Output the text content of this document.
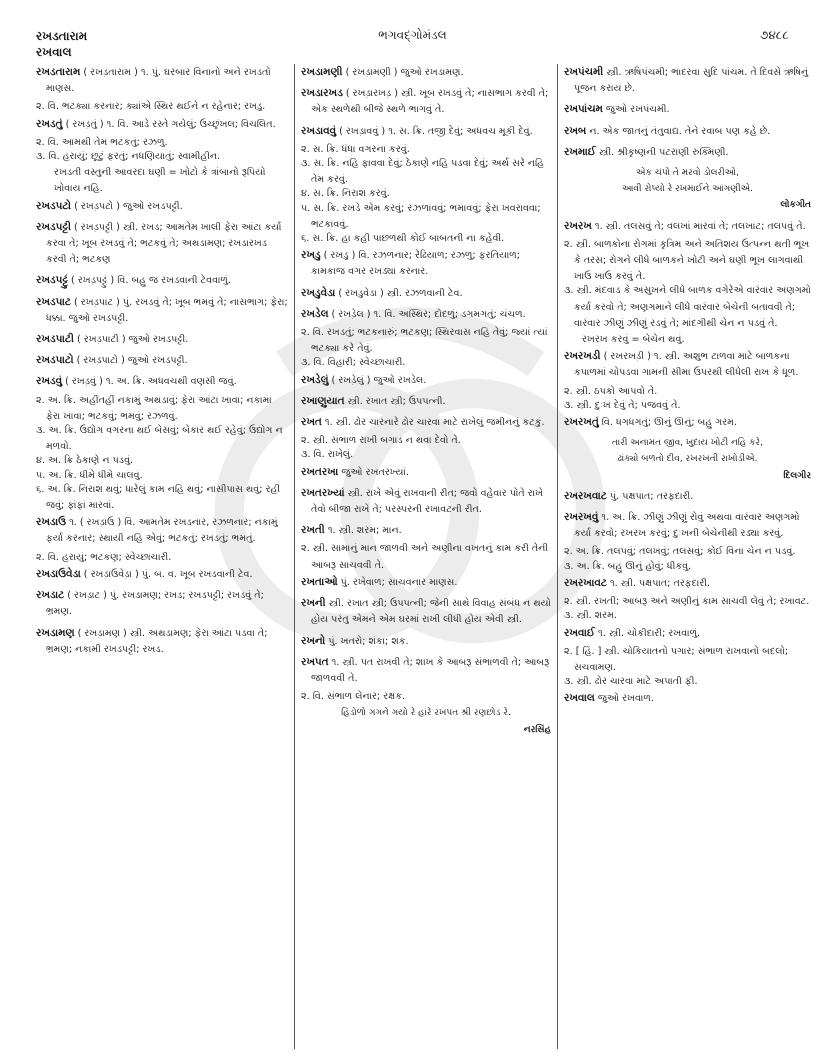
રખડતારામ
રખવાલ
ભગવદ્ગોમંડલ	૭૪૮૮
રખડતારામ ( રખડ઼તારામ ) ૧. પું. ઘરબાર વિનાનો અને રખડતો માણસ.
૨. વિ. ભટક્યા કરનાર; ક્યાંએ સ્થિર થઈને ન રહેનાર; રખડુ.
રખડતું ( રખડ઼તું ) ૧. વિ. આડે રસ્તે ગયેલું; ઉચ્છૃંખલ; વિચલિત.
૨. વિ. આમથી તેમ ભટકતું; રઝળુ.
૩. વિ. હરાયું; છૂટું ફરતું; નધણિયાતું; સ્વામીહીન.
રખડતી વસ્તુની આવરદા ઘણી = ખોટો કે ત્રાંબાનો રૂપિયો ખોવાય નહિ.
રખડપટો ( રખડ઼પટો ) જુઓ રખડપટ્ટી.
રખડપટ્ટી ( રખડ઼પટ્ટી ) સ્ત્રી. રખડ; આમતેમ ખાલી ફેરા આંટા કર્યા કરવા તે; ખૂબ રખડવું તે; ભટકવું તે; અથડામણ; રખડારખડ કરવી તે; ભટકણ
રખડપટ્ટું ( રખડ઼પટ્ટું ) વિ. બહુ જ રખડવાની ટેવવાળું.
રખડપાટ ( રખડ઼પાટ ) પું. રખડવું તે; ખૂબ ભમવું તે; નાસભાગ; ફેરા; ધક્કા. જુઓ રખડપટ્ટી.
રખડપાટી ( રખડ઼પાટી ) જુઓ રખડપટ્ટી.
રખડપાટો ( રખડ઼પાટો ) જુઓ રખડપટ્ટી.
રખડવું ( રખડ઼વું ) ૧. અ. ક્રિ. અધવચથી વણસી જવું.
૨. અ. ક્રિ. અહીંતહીં નકામું અથડાવું; ફેરા આંટા ખાવા; નકામા ફેરા ખાવા; ભટકવું; ભમવું; રઝળવું.
૩. અ. ક્રિ. ઉદ્યોગ વગરના થઈ બેસવું; બેકાર થઈ રહેવું; ઉદ્યોગ ન મળવો.
૪. અ. ક્રિ ઠેકાણે ન પડવું.
૫. અ. ક્રિ. ધીમે ધીમે ચાલવું.
૬. અ. ક્રિ. નિરાશ થવું; ધારેલું કામ નહિ થવું; નાસીપાસ થવું; રહી જવું; ફાંફાં મારવાં.
રખડાઉ ૧. ( રખડ઼ાઉ ) વિ. આમતેમ રખડનાર, રઝળનાર; નકામું ફર્યા કરનાર; સ્થાયી નહિ એવું; ભટકતું; રખડતું; ભમતું.
૨. વિ. હરાયું; ભટકણ; સ્વેચ્છાચારી.
રખડાઉવેડા ( રખડ઼ાઉવેડ઼ા ) પું. બ. વ. ખૂબ રખડવાની ટેવ.
રખડાટ ( રખડ઼ાટ ) પું. રખડામણ; રખડ; રખડપટ્ટી; રખડવું તે; ભ્રમણ.
રખડામણ ( રખડ઼ામણ ) સ્ત્રી. અથડામણ; ફેરા આંટા પડવા તે; ભ્રમણ; નકામી રખડપટ્ટી; રખડ.
રખડામણી ( રખડ઼ામણી ) જુઓ રખડામણ.
રખડારખડ ( રખડ઼ારખડ઼ ) સ્ત્રી. ખૂબ રખડવું તે; નાસભાગ કરવી તે; એક સ્થળેથી બીજે સ્થળે ભાગવું તે.
રખડાવવું ( રખડ઼ાવવું ) ૧. સ. ક્રિ. તજી દેવું; અધવચ મૂકી દેવું.
૨. સ. ક્રિ. ધંધા વગરના કરવું.
૩. સ. ક્રિ. નહિ ફાવવા દેવું; ઠેકાણે નહિ પડવા દેવું; અર્થ સરે નહિ તેમ કરવું.
૪. સ. ક્રિ. નિરાશ કરવું.
૫. સ. ક્રિ. રખડે એમ કરવું; રઝળાવવું; ભમાવવું; ફેરા ખવરાવવા; ભટકાવવું.
૬. સ. ક્રિ. હા કહી પાછળથી કોઈ બાબતની ના કહેવી.
રખડુ ( રખડુ ) વિ. રઝળનાર; રેઢિયાળ; રઝળુ; ફરતિયાળ; કામકાજ વગર રખડ્યા કરનાર.
રખડુવેડા ( રખડુવેડા ) સ્ત્રી. રઝળવાની ટેવ.
રખડેલ ( રખડ઼ેલ ) ૧. વિ. અસ્થિર; દોદળું; ડગમગતું; ચંચળ.
૨. વિ. રખડતું; ભટકનારું; ભટકણ; સ્થિરવાસ નહિ તેવું; જ્યાં ત્યાં ભટક્યા કરે તેવું.
૩. વિ. વિહારી; સ્વેચ્છાચારી.
રખડેલું ( રખડ઼ેલું ) જુઓ રખડેલ.
રખાણુયાત સ્ત્રી. રખાત સ્ત્રી; ઉપપત્ની.
રખત ૧. સ્ત્રી. ઢોર ચારનારે ઢોર ચારવા માટે રાખેલું જમીનનું કટકું.
૨. સ્ત્રી. સંભાળ રાખી બગાડ ન થવા દેવો તે.
૩. વિ. રાખેલું.
રખતરખા જુઓ રખતરખ્યાં.
રખતરખ્યાં સ્ત્રી. રાખે એવું રાખવાની રીત; જવો વહેવાર પોતે રાખે તેવો બીજા રાખે તે; પરસ્પરની રખાવટની રીત.
રખતી ૧. સ્ત્રી. શરમ; માન.
૨. સ્ત્રી. સામાનું માન જાળવી અને અણીના વખતનું કામ કરી તેની આબરૂ સાચવવી તે.
રખતાઓ પું. રખેવાળ; સાચવનાર માણસ.
રખની સ્ત્રી. રખાત સ્ત્રી; ઉપપત્ની; જેની સાથે વિવાહ સંબંધ ન થયો હોય પરંતુ એમને એમ ઘરમાં રાખી લીધી હોય એવી સ્ત્રી.
રખનો પું. ખતરો; શંકા; શક.
રખપત ૧. સ્ત્રી. પત રાખવી તે; શાખ કે આબરૂ સંભાળવી તે; આબરૂ જાળવવી તે.
૨. વિ. સંભાળ લેનાર; રક્ષક.
હિંડોળો ગગને ગયો રે હાંરે રખપત શ્રી રણછોડ રે.
નરસિંહ
રખપંચમી સ્ત્રી. ઋષિપંચમી; ભાદરવા સુદિ પાંચમ. તે દિવસે ઋષિનું પૂજન કરાય છે.
રખપાંચમ જુઓ રખપંચમી.
રખબ ન. એક જાતનું તંતુવાદ્ય. તેને રવાબ પણ કહે છે.
રખમાઈ સ્ત્રી. શ્રીકૃષ્ણની પટરાણી રુક્મિણી.
એક ચંપો તે મરવો ડોલરીઓ,
આવી રોપ્યો રે રખમાઈને આંગણીએ.
લોકગીત
રખરખ ૧. સ્ત્રી. તલસવું તે; વલખાં મારવાં તે; તલખાટ; તલપવું તે.
૨. સ્ત્રી. બાળકોના રોગમાં કૃત્રિમ અને અતિશય ઉત્પન્ન થતી ભૂખ કે તરસ; રોગને લીધે બાળકને ખોટી અને ઘણી ભૂખ લાગવાથી ખાઉ ખાઉ કરવું તે.
૩. સ્ત્રી. મંદવાડ કે અસુખને લીધે બાળક વગેરેએ વારંવાર અણગમો કર્યા કરવો તે; અણગમાને લીધે વારંવાર બેચેની બતાવવી તે; વારંવાર ઝીણું ઝીણું રડવું તે; માંદગીથી ચેન ન પડવું તે.
રખરખ કરવું = બેચેન થવું.
રખરખડી ( રખરખડ઼ી ) ૧. સ્ત્રી. અશુભ ટાળવા માટે બાળકના કપાળમાં ચોપડવા ગામની સીમા ઉપરથી લીધેલી રાખ કે ધૂળ.
૨. સ્ત્રી. ઠપકો આપવો તે.
૩. સ્ત્રી. દુઃખ દેવું તે; પજવવું તે.
રખરખતું વિ. ધગધગતું; ઊનું ઊનું; બહુ ગરમ.
તારી અનામત જીવ, ખુદાય ખોટી નહિ કરે,
ઢાંક્યો બળતો દીવ, રખરખતી રાખોડીએ.
દિલગીર
રખરખવાટ પું. પક્ષપાત; તરફદારી.
રખરખવું ૧. અ. ક્રિ. ઝીણું ઝીણું રોવું અથવા વારંવાર અણગમો કર્યા કરવો; રખરખ કરવું; દુઃખની બેચેનીથી રડ્યા કરવું.
૨. અ. ક્રિ. તલપવું; તલખવું; તલસવું; કોઈ વિના ચેન ન પડવું.
૩. અ. ક્રિ. બહુ ઊનું હોવું; ધીકવું.
રખરખાવટ ૧. સ્ત્રી. પક્ષપાત; તરફદારી.
૨. સ્ત્રી. રખતી; આબરૂ અને અણીનું કામ સાચવી લેવું તે; રખાવટ.
૩. સ્ત્રી. શરમ.
રખવાઈ ૧. સ્ત્રી. ચોકીદારી; રખવાળું.
૨. [ હિં. ] સ્ત્રી. ચોકિયાતનો પગાર; સંભાળ રાખવાનો બદલો; સચવામણ.
૩. સ્ત્રી. ઢોર ચારવા માટે અપાતી ફી.
રખવાલ જુઓ રખવાળ.
